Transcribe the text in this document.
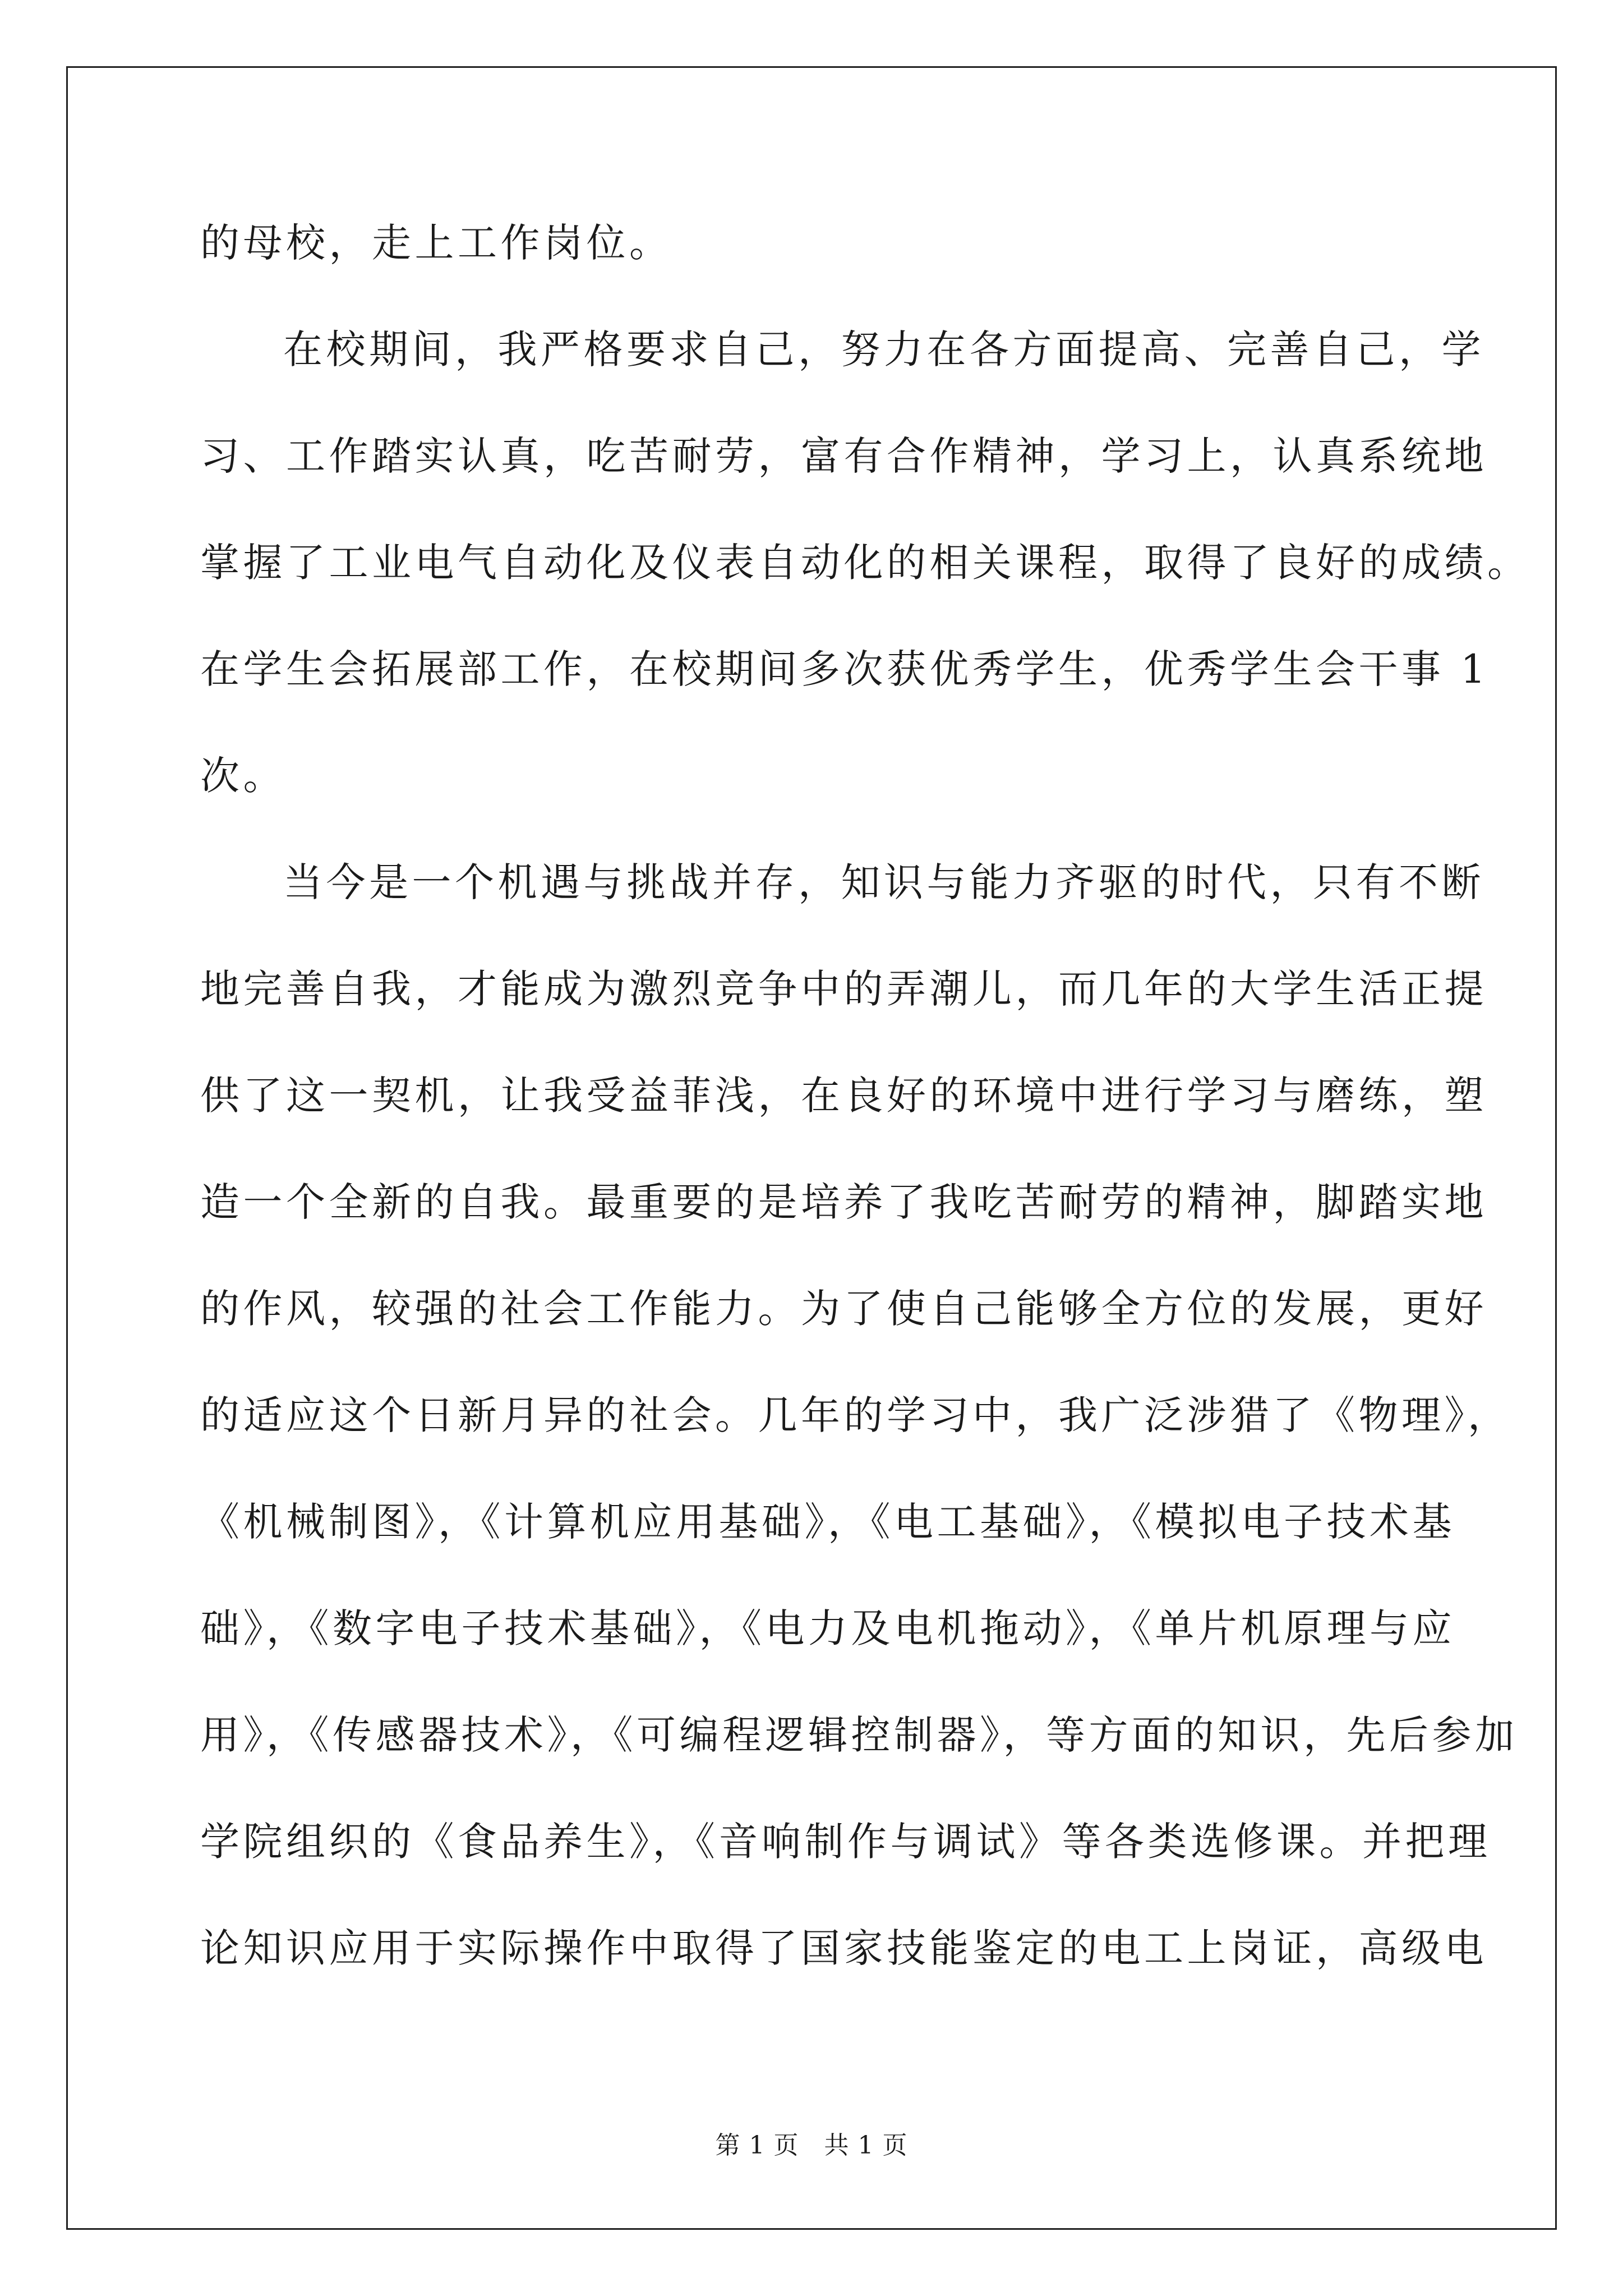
的母校，走上工作岗位。
在校期间，我严格要求自己，努力在各方面提高、完善自己，学
习、工作踏实认真，吃苦耐劳，富有合作精神，学习上，认真系统地
掌握了工业电气自动化及仪表自动化的相关课程，取得了良好的成绩。
在学生会拓展部工作，在校期间多次获优秀学生，优秀学生会干事 1
次。
当今是一个机遇与挑战并存，知识与能力齐驱的时代，只有不断
地完善自我，才能成为激烈竞争中的弄潮儿，而几年的大学生活正提
供了这一契机，让我受益菲浅，在良好的环境中进行学习与磨练，塑
造一个全新的自我。最重要的是培养了我吃苦耐劳的精神，脚踏实地
的作风，较强的社会工作能力。为了使自己能够全方位的发展，更好
的适应这个日新月异的社会。几年的学习中，我广泛涉猎了《物理》，
《机械制图》，《计算机应用基础》，《电工基础》，《模拟电子技术基
础》，《数字电子技术基础》，《电力及电机拖动》，《单片机原理与应
用》，《传感器技术》，《可编程逻辑控制器》，等方面的知识，先后参加
学院组织的《食品养生》，《音响制作与调试》等各类选修课。并把理
论知识应用于实际操作中取得了国家技能鉴定的电工上岗证，高级电
第 1 页　共 1 页
